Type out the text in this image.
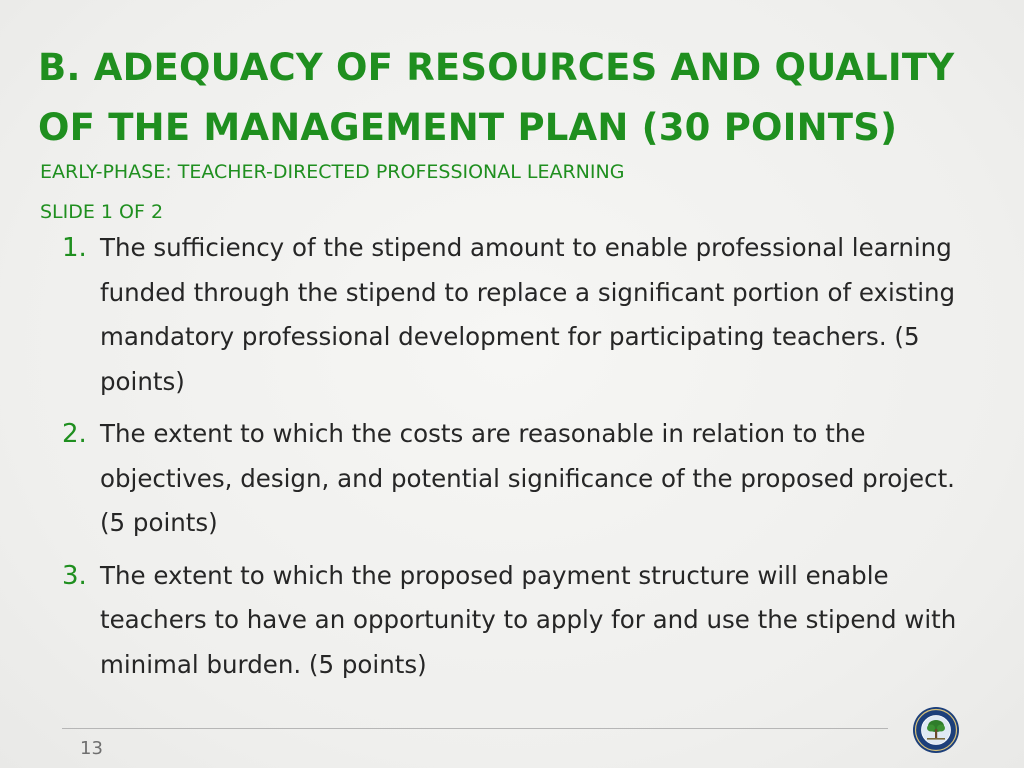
B. ADEQUACY OF RESOURCES AND QUALITY
OF THE MANAGEMENT PLAN (30 POINTS)

EARLY-PHASE: TEACHER-DIRECTED PROFESSIONAL LEARNING

SLIDE 1 OF 2

1. The sufficiency of the stipend amount to enable professional learning funded through the stipend to replace a significant portion of existing mandatory professional development for participating teachers. (5 points)
2. The extent to which the costs are reasonable in relation to the objectives, design, and potential significance of the proposed project. (5 points)
3. The extent to which the proposed payment structure will enable teachers to have an opportunity to apply for and use the stipend with minimal burden. (5 points)
13
